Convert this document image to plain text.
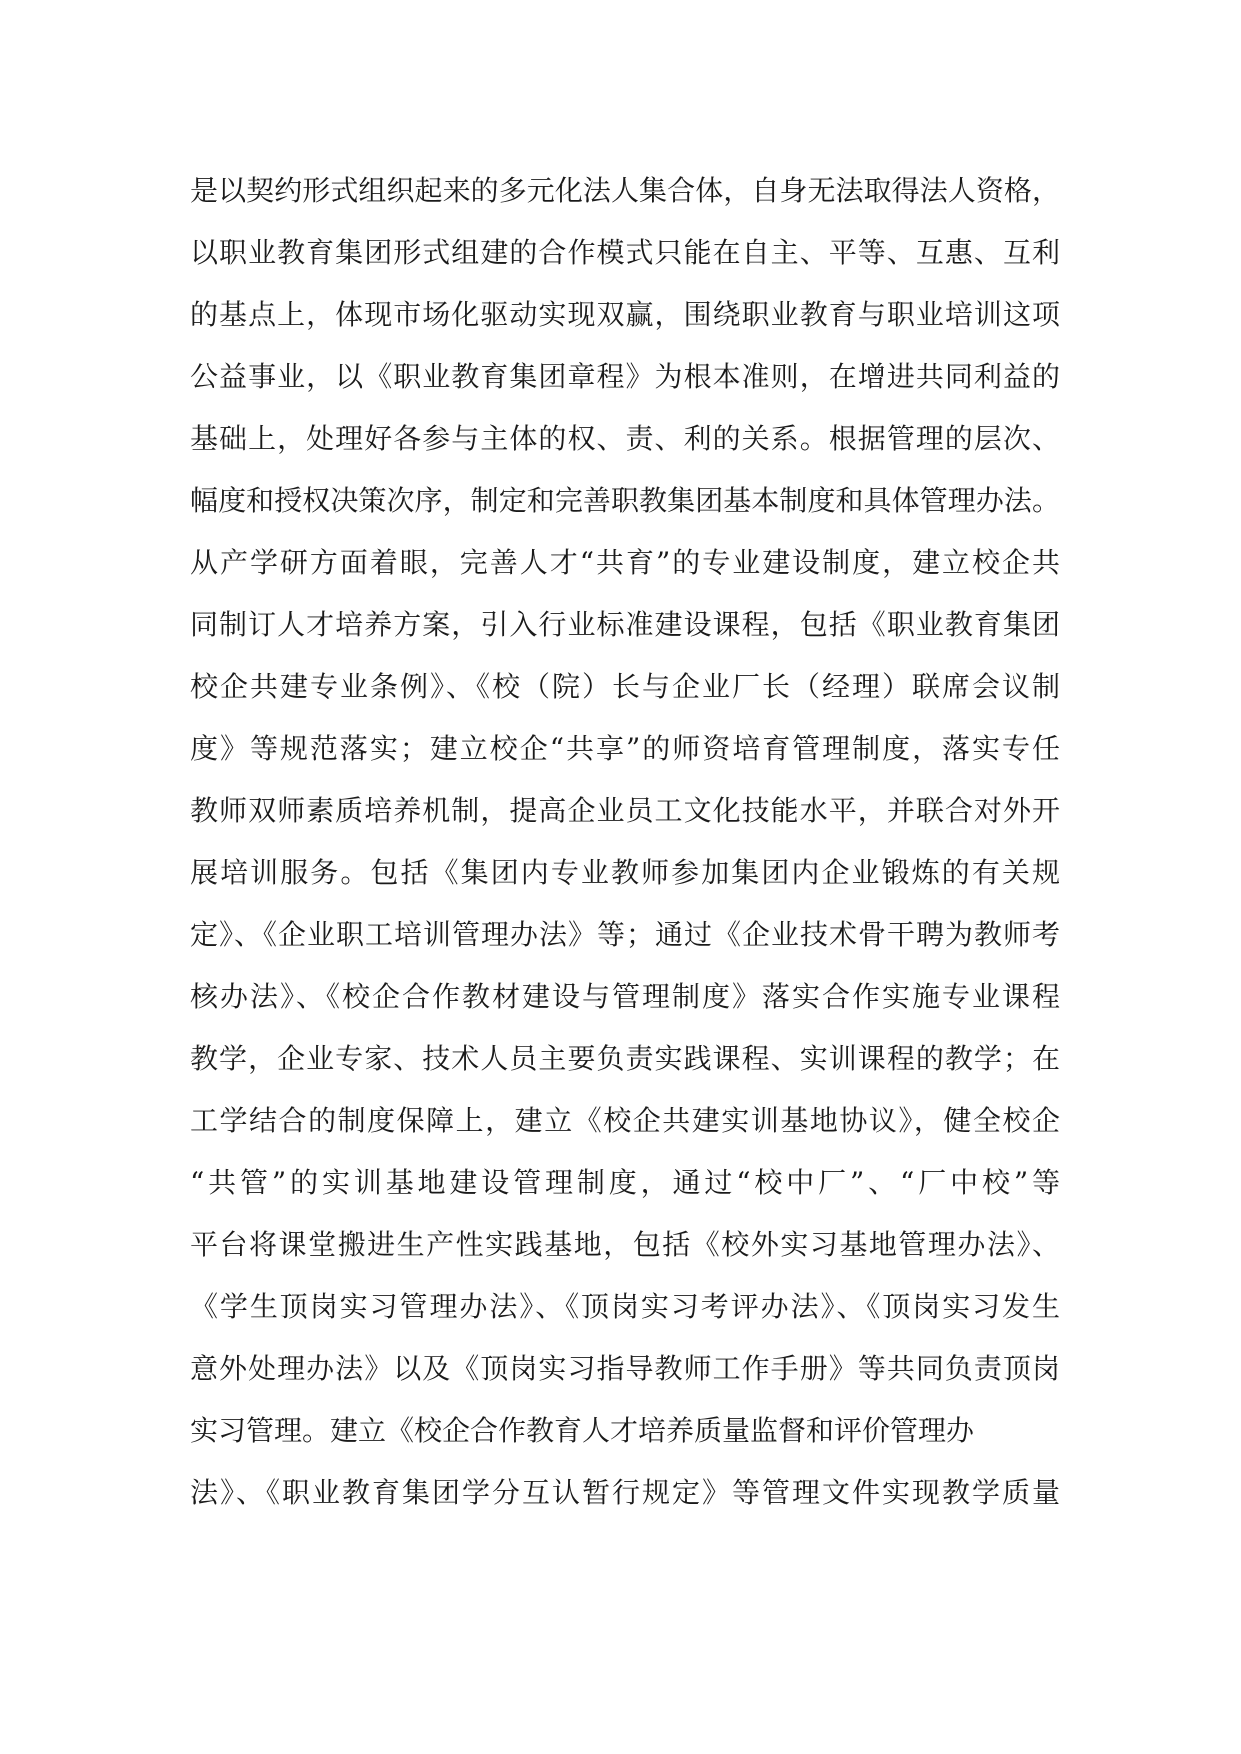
是以契约形式组织起来的多元化法人集合体，自身无法取得法人资格，
以职业教育集团形式组建的合作模式只能在自主、平等、互惠、互利
的基点上，体现市场化驱动实现双赢，围绕职业教育与职业培训这项
公益事业，以《职业教育集团章程》为根本准则，在增进共同利益的
基础上，处理好各参与主体的权、责、利的关系。根据管理的层次、
幅度和授权决策次序，制定和完善职教集团基本制度和具体管理办法。
从产学研方面着眼，完善人才“共育”的专业建设制度，建立校企共
同制订人才培养方案，引入行业标准建设课程，包括《职业教育集团
校企共建专业条例》、《校（院）长与企业厂长（经理）联席会议制
度》等规范落实；建立校企“共享”的师资培育管理制度，落实专任
教师双师素质培养机制，提高企业员工文化技能水平，并联合对外开
展培训服务。包括《集团内专业教师参加集团内企业锻炼的有关规
定》、《企业职工培训管理办法》等；通过《企业技术骨干聘为教师考
核办法》、《校企合作教材建设与管理制度》落实合作实施专业课程
教学，企业专家、技术人员主要负责实践课程、实训课程的教学；在
工学结合的制度保障上，建立《校企共建实训基地协议》，健全校企
“共管”的实训基地建设管理制度，通过“校中厂”、“厂中校”等
平台将课堂搬进生产性实践基地，包括《校外实习基地管理办法》、
《学生顶岗实习管理办法》、《顶岗实习考评办法》、《顶岗实习发生
意外处理办法》以及《顶岗实习指导教师工作手册》等共同负责顶岗
实习管理。建立《校企合作教育人才培养质量监督和评价管理办
法》、《职业教育集团学分互认暂行规定》等管理文件实现教学质量
